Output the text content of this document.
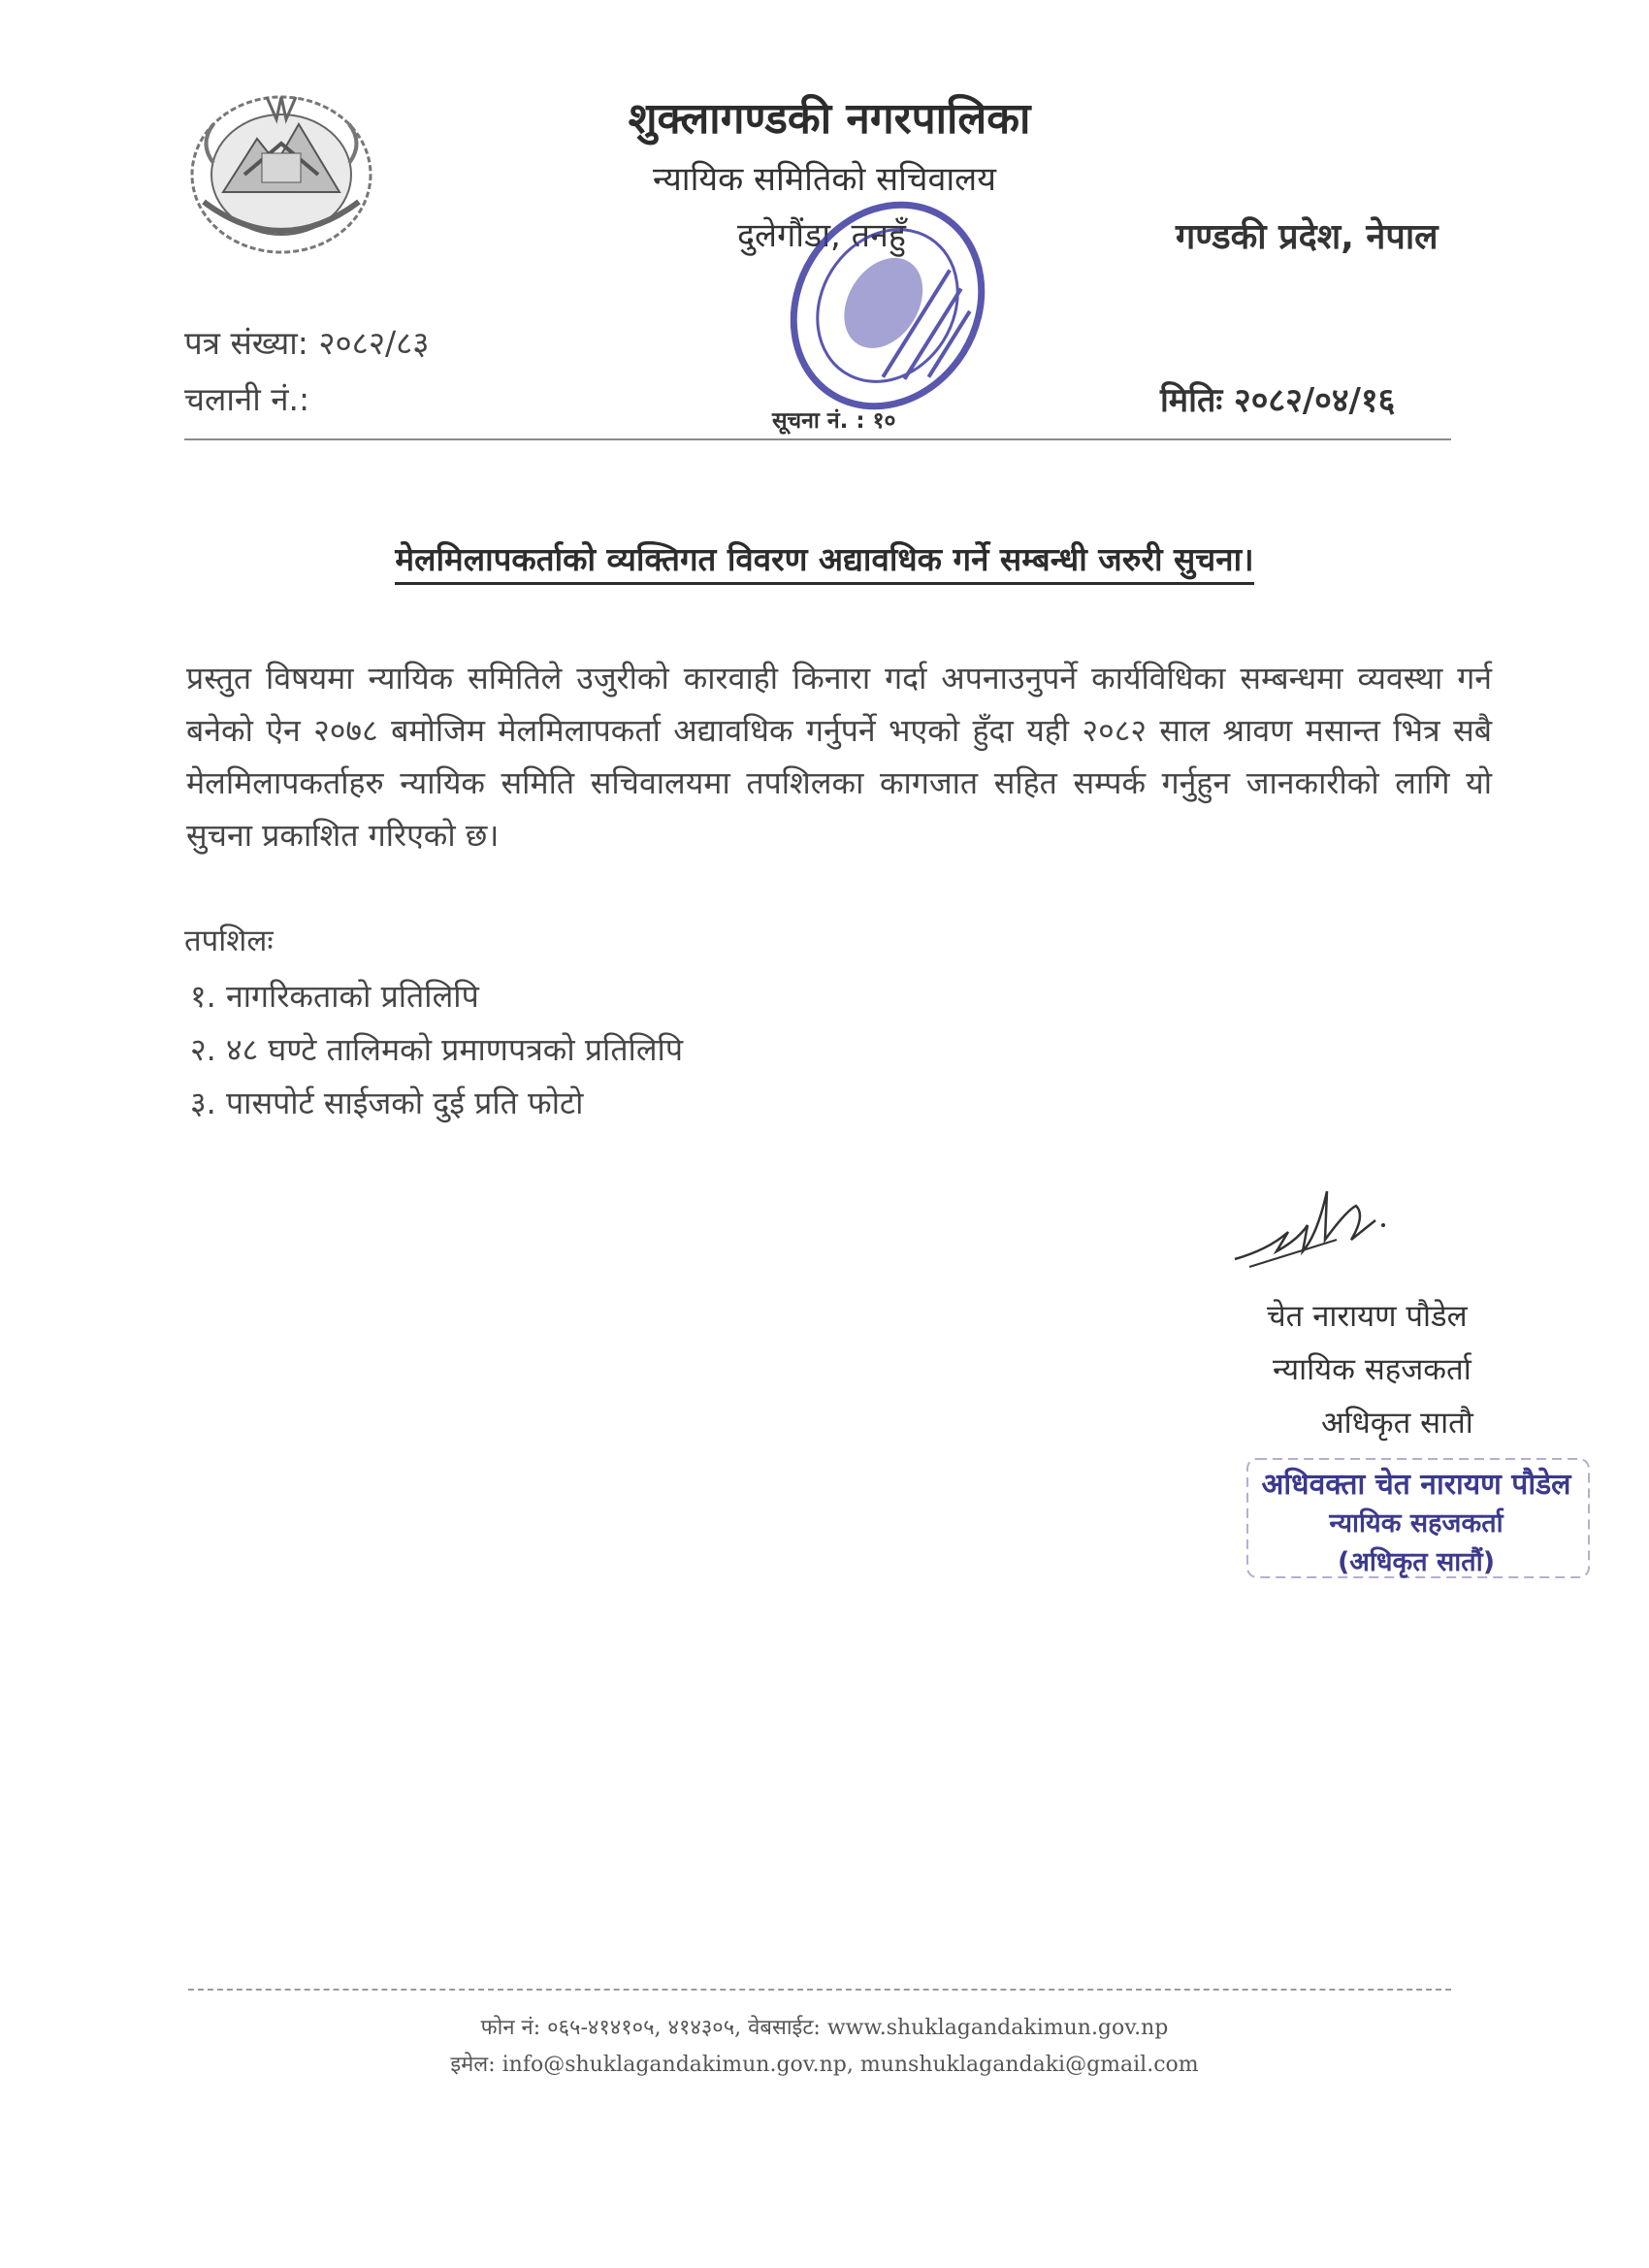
शुक्लागण्डकी नगरपालिका
न्यायिक समितिको सचिवालय
दुलेगौंडा, तनहुँ	गण्डकी प्रदेश, नेपाल
पत्र संख्या: २०८२/८३
चलानी नं.:	मितिः २०८२/०४/१६
सूचना नं. : १०
मेलमिलापकर्ताको व्यक्तिगत विवरण अद्यावधिक गर्ने सम्बन्धी जरुरी सुचना।
प्रस्तुत विषयमा न्यायिक समितिले उजुरीको कारवाही किनारा गर्दा अपनाउनुपर्ने कार्यविधिका सम्बन्धमा व्यवस्था गर्न बनेको ऐन २०७८ बमोजिम मेलमिलापकर्ता अद्यावधिक गर्नुपर्ने भएको हुँदा यही २०८२ साल श्रावण मसान्त भित्र सबै मेलमिलापकर्ताहरु न्यायिक समिति सचिवालयमा तपशिलका कागजात सहित सम्पर्क गर्नुहुन जानकारीको लागि यो सुचना प्रकाशित गरिएको छ।
तपशिलः
१. नागरिकताको प्रतिलिपि
२. ४८ घण्टे तालिमको प्रमाणपत्रको प्रतिलिपि
३. पासपोर्ट साईजको दुई प्रति फोटो
चेत नारायण पौडेल
न्यायिक सहजकर्ता
अधिकृत सातौ
अधिवक्ता चेत नारायण पौडेल
न्यायिक सहजकर्ता
(अधिकृत सातौं)
फोन नं: ०६५-४१४१०५, ४१४३०५, वेबसाईट: www.shuklagandakimun.gov.np
इमेल: info@shuklagandakimun.gov.np, munshuklagandaki@gmail.com
